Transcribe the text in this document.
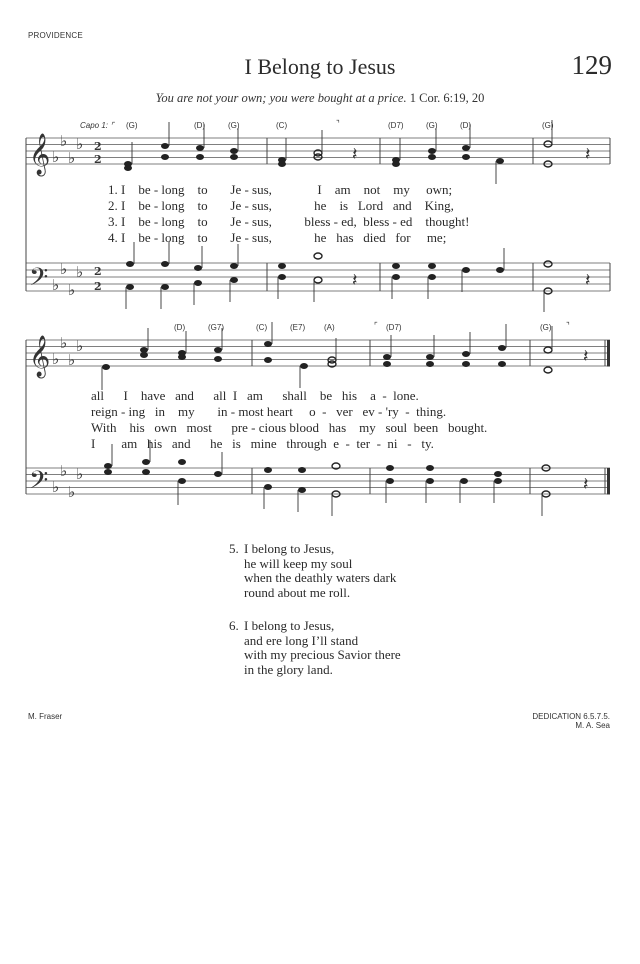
PROVIDENCE
I Belong to Jesus	129
You are not your own; you were bought at a price. 1 Cor. 6:19, 20
𝄞
𝄢
𝄞
𝄢
♭
♭
♭
♭
♭
♭
♭
♭
♭
♭
♭
♭
♭
♭
♭
♭
2
2
2
2
𝄽	𝄽
𝄽	𝄽
𝄽
𝄽
Capo 1: ⌜ (G)	(D)	(G)	(C)	⌝	(D7)	(G)	(D)	(G)
1. I    be - long    to       Je - sus,              I    am    not    my     own;
2. I    be - long    to       Je - sus,             he    is   Lord   and    King,
3. I    be - long    to       Je - sus,          bless - ed,  bless - ed    thought!
4. I    be - long    to       Je - sus,             he   has   died   for     me;
(D)	(G7)	(C)	(E7) (A)	⌜ (D7)	(G) ⌝
all      I    have   and      all  I   am      shall    be   his    a  -  lone.
reign - ing   in    my       in - most heart     o  -   ver   ev - 'ry  -  thing.
With    his   own   most      pre - cious blood   has    my   soul  been   bought.
I        am   his   and      he   is   mine   through  e  -  ter  -  ni   -   ty.
5. I belong to Jesus,
he will keep my soul
when the deathly waters dark
round about me roll.
6. I belong to Jesus,
and ere long I’ll stand
with my precious Savior there
in the glory land.
M. Fraser	DEDICATION 6.5.7.5.
M. A. Sea
